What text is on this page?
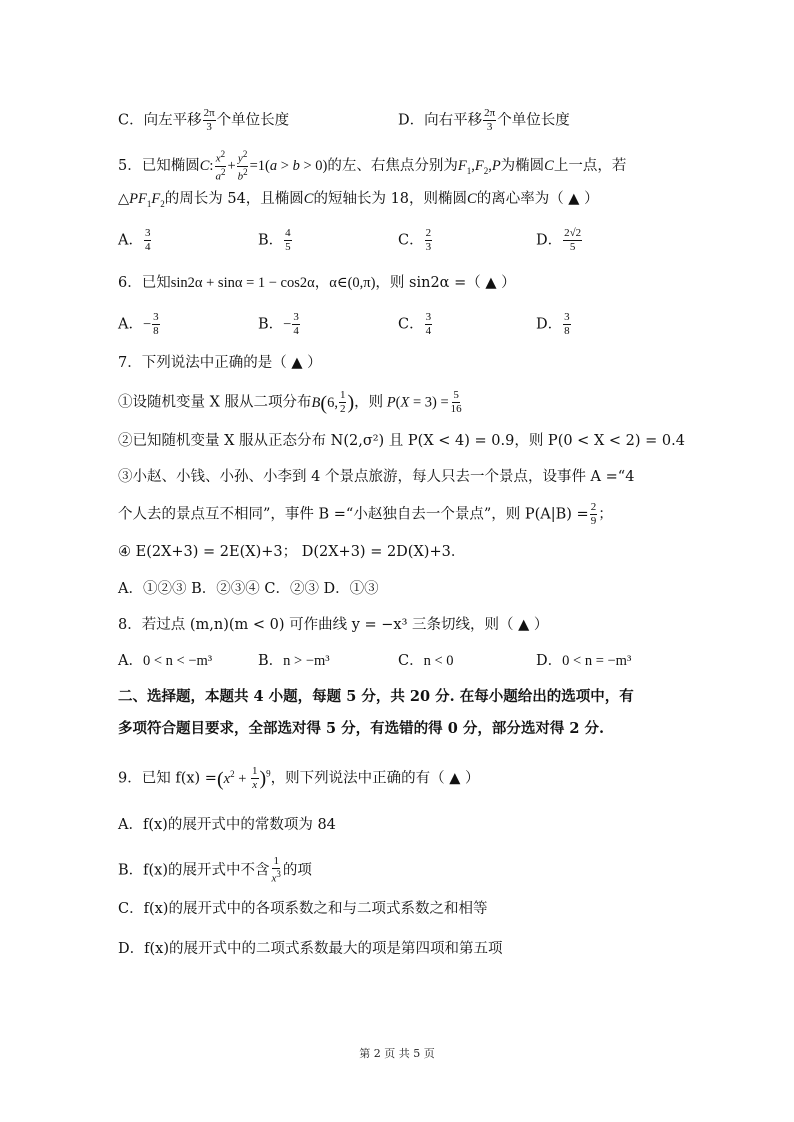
C．向左平移 $\frac{2\pi}{3}$ 个单位长度	D．向右平移 $\frac{2\pi}{3}$ 个单位长度
5．已知椭圆C: $\frac{x^2}{a^2} + \frac{y^2}{b^2} =1(a > b > 0)$的左、右焦点分别为$F_1,F_2,P$为椭圆C上一点，若
$\triangle PF_1F_2$的周长为 54，且椭圆C的短轴长为 18，则椭圆C的离心率为（ ▲ ）
A． $\frac{3}{4}$	B． $\frac{4}{5}$	C． $\frac{2}{3}$	D． $\frac{2√2}{5}$
6．已知sin2α + sinα = 1 − cos2α，α∈(0,π)，则 sin2α =（ ▲ ）
A．− $\frac{3}{8}$	B．− $\frac{3}{4}$	C． $\frac{3}{4}$	D． $\frac{3}{8}$
7．下列说法中正确的是（ ▲ ）
①设随机变量 X 服从二项分布B(6, $\frac{1}{2}$ )，则 $P(X = 3) = \frac{5}{16}$
②已知随机变量 X 服从正态分布 N(2,σ²) 且 P(X < 4) = 0.9，则 P(0 < X < 2) = 0.4
③小赵、小钱、小孙、小李到 4 个景点旅游，每人只去一个景点，设事件 A =“4
个人去的景点互不相同”，事件 B =“小赵独自去一个景点”，则 $P(A|B) = \frac{2}{9}$ ；
④ E(2X+3) = 2E(X)+3； D(2X+3) = 2D(X)+3．
A．①②③ B．②③④ C．②③ D．①③
8．若过点 (m,n)(m < 0) 可作曲线 y = −x³ 三条切线，则（ ▲ ）
A．0 < n < −m³	B．n > −m³	C．n < 0	D．0 < n = −m³
二、选择题，本题共 4 小题，每题 5 分，共 20 分. 在每小题给出的选项中，有
多项符合题目要求，全部选对得 5 分，有选错的得 0 分，部分选对得 2 分.
9．已知 $f(x) =(x^2 + \frac{1}{x} )^9$，则下列说法中正确的有（ ▲ ）
A．f(x)的展开式中的常数项为 84
B．f(x)的展开式中不含 $\frac{1}{x^3}$ 的项
C．f(x)的展开式中的各项系数之和与二项式系数之和相等
D．f(x)的展开式中的二项式系数最大的项是第四项和第五项
第 2 页 共 5 页
